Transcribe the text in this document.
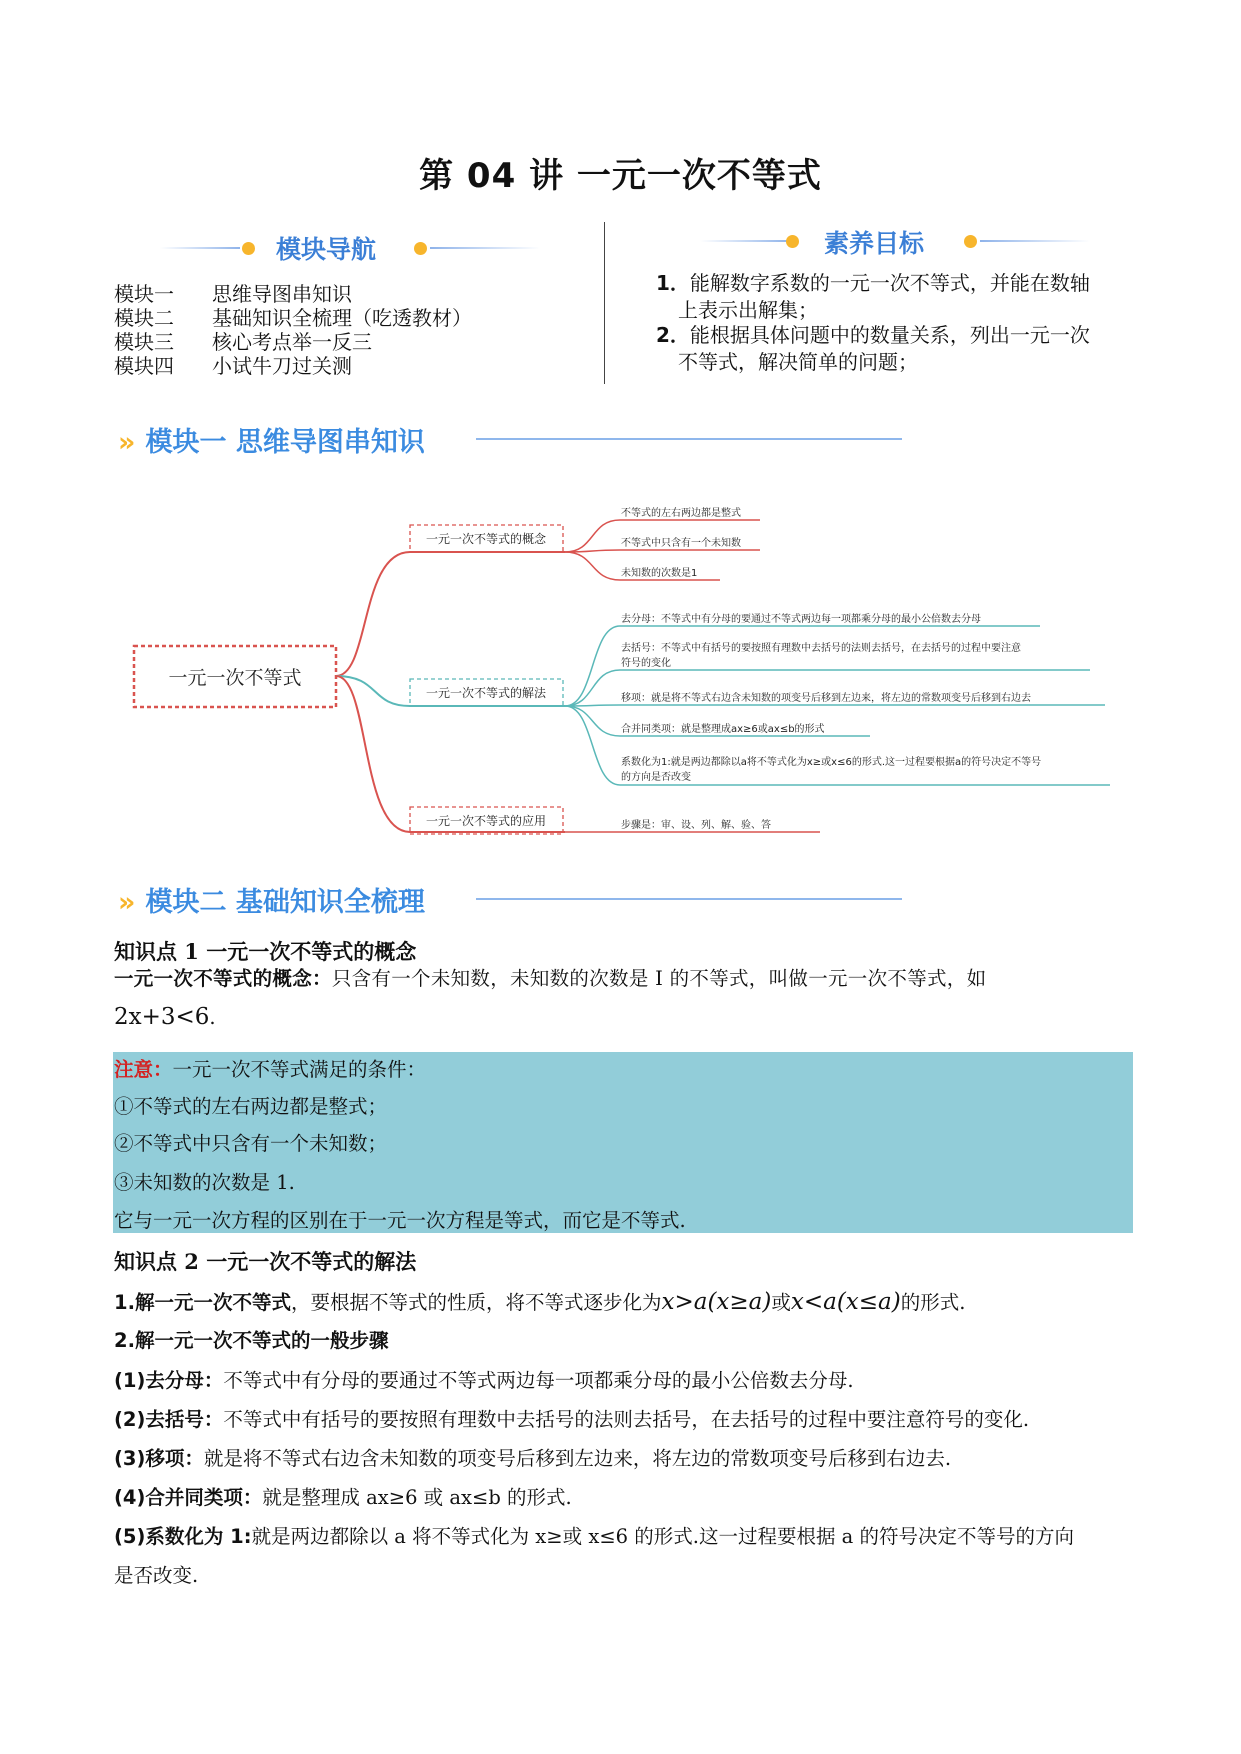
第 04 讲 一元一次不等式
模块导航
模块一 思维导图串知识
模块二 基础知识全梳理（吃透教材）
模块三 核心考点举一反三
模块四 小试牛刀过关测
素养目标
1．能解数字系数的一元一次不等式，并能在数轴
上表示出解集；
2．能根据具体问题中的数量关系，列出一元一次
不等式，解决简单的问题；
» 模块一 思维导图串知识
一元一次不等式
一元一次不等式的概念
一元一次不等式的解法
一元一次不等式的应用
不等式的左右两边都是整式
不等式中只含有一个未知数
未知数的次数是1
去分母：不等式中有分母的要通过不等式两边每一项都乘分母的最小公倍数去分母
去括号：不等式中有括号的要按照有理数中去括号的法则去括号，在去括号的过程中要注意
符号的变化
移项：就是将不等式右边含未知数的项变号后移到左边来，将左边的常数项变号后移到右边去
合并同类项：就是整理成ax≥6或ax≤b的形式
系数化为1:就是两边都除以a将不等式化为x≥或x≤6的形式.这一过程要根据a的符号决定不等号
的方向是否改变
步骤是：审、设、列、解、验、答
» 模块二 基础知识全梳理
知识点 1 一元一次不等式的概念
一元一次不等式的概念：只含有一个未知数，未知数的次数是 I 的不等式，叫做一元一次不等式，如
2x+3<6.
注意：一元一次不等式满足的条件：
①不等式的左右两边都是整式；
②不等式中只含有一个未知数；
③未知数的次数是 1.
它与一元一次方程的区别在于一元一次方程是等式，而它是不等式.
知识点 2 一元一次不等式的解法
1.解一元一次不等式，要根据不等式的性质，将不等式逐步化为x>a(x≥a)或x<a(x≤a)的形式.
2.解一元一次不等式的一般步骤
(1)去分母：不等式中有分母的要通过不等式两边每一项都乘分母的最小公倍数去分母.
(2)去括号：不等式中有括号的要按照有理数中去括号的法则去括号，在去括号的过程中要注意符号的变化.
(3)移项：就是将不等式右边含未知数的项变号后移到左边来，将左边的常数项变号后移到右边去.
(4)合并同类项：就是整理成 ax≥6 或 ax≤b 的形式.
(5)系数化为 1:就是两边都除以 a 将不等式化为 x≥或 x≤6 的形式.这一过程要根据 a 的符号决定不等号的方向
是否改变.
